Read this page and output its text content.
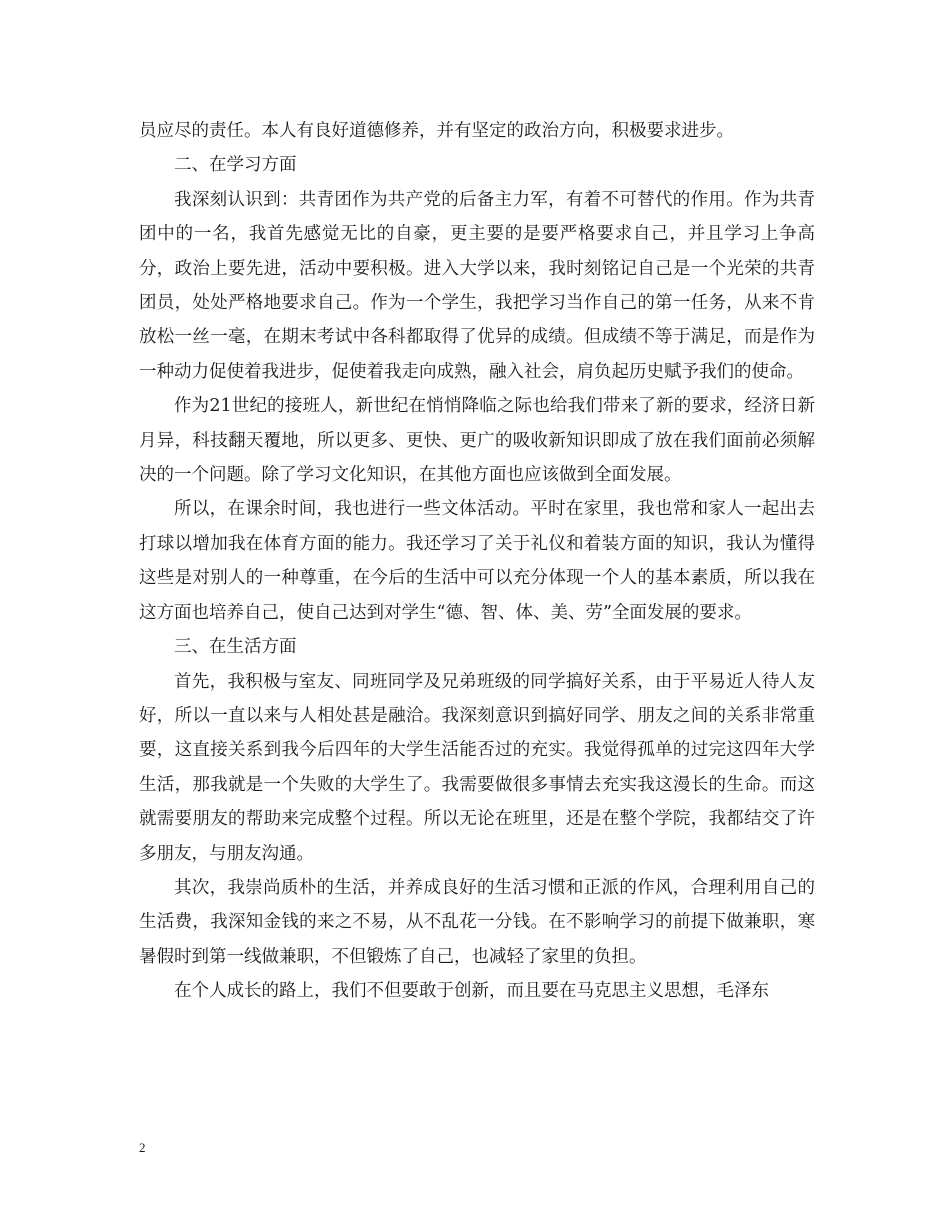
员应尽的责任。本人有良好道德修养，并有坚定的政治方向，积极要求进步。

二、在学习方面

我深刻认识到：共青团作为共产党的后备主力军，有着不可替代的作用。作为共青团中的一名，我首先感觉无比的自豪，更主要的是要严格要求自己，并且学习上争高分，政治上要先进，活动中要积极。进入大学以来，我时刻铭记自己是一个光荣的共青团员，处处严格地要求自己。作为一个学生，我把学习当作自己的第一任务，从来不肯放松一丝一毫，在期末考试中各科都取得了优异的成绩。但成绩不等于满足，而是作为一种动力促使着我进步，促使着我走向成熟，融入社会，肩负起历史赋予我们的使命。

作为21世纪的接班人，新世纪在悄悄降临之际也给我们带来了新的要求，经济日新月异，科技翻天覆地，所以更多、更快、更广的吸收新知识即成了放在我们面前必须解决的一个问题。除了学习文化知识，在其他方面也应该做到全面发展。

所以，在课余时间，我也进行一些文体活动。平时在家里，我也常和家人一起出去打球以增加我在体育方面的能力。我还学习了关于礼仪和着装方面的知识，我认为懂得这些是对别人的一种尊重，在今后的生活中可以充分体现一个人的基本素质，所以我在这方面也培养自己，使自己达到对学生“德、智、体、美、劳”全面发展的要求。

三、在生活方面

首先，我积极与室友、同班同学及兄弟班级的同学搞好关系，由于平易近人待人友好，所以一直以来与人相处甚是融洽。我深刻意识到搞好同学、朋友之间的关系非常重要，这直接关系到我今后四年的大学生活能否过的充实。我觉得孤单的过完这四年大学生活，那我就是一个失败的大学生了。我需要做很多事情去充实我这漫长的生命。而这就需要朋友的帮助来完成整个过程。所以无论在班里，还是在整个学院，我都结交了许多朋友，与朋友沟通。

其次，我崇尚质朴的生活，并养成良好的生活习惯和正派的作风，合理利用自己的生活费，我深知金钱的来之不易，从不乱花一分钱。在不影响学习的前提下做兼职，寒暑假时到第一线做兼职，不但锻炼了自己，也减轻了家里的负担。

在个人成长的路上，我们不但要敢于创新，而且要在马克思主义思想，毛泽东

2
